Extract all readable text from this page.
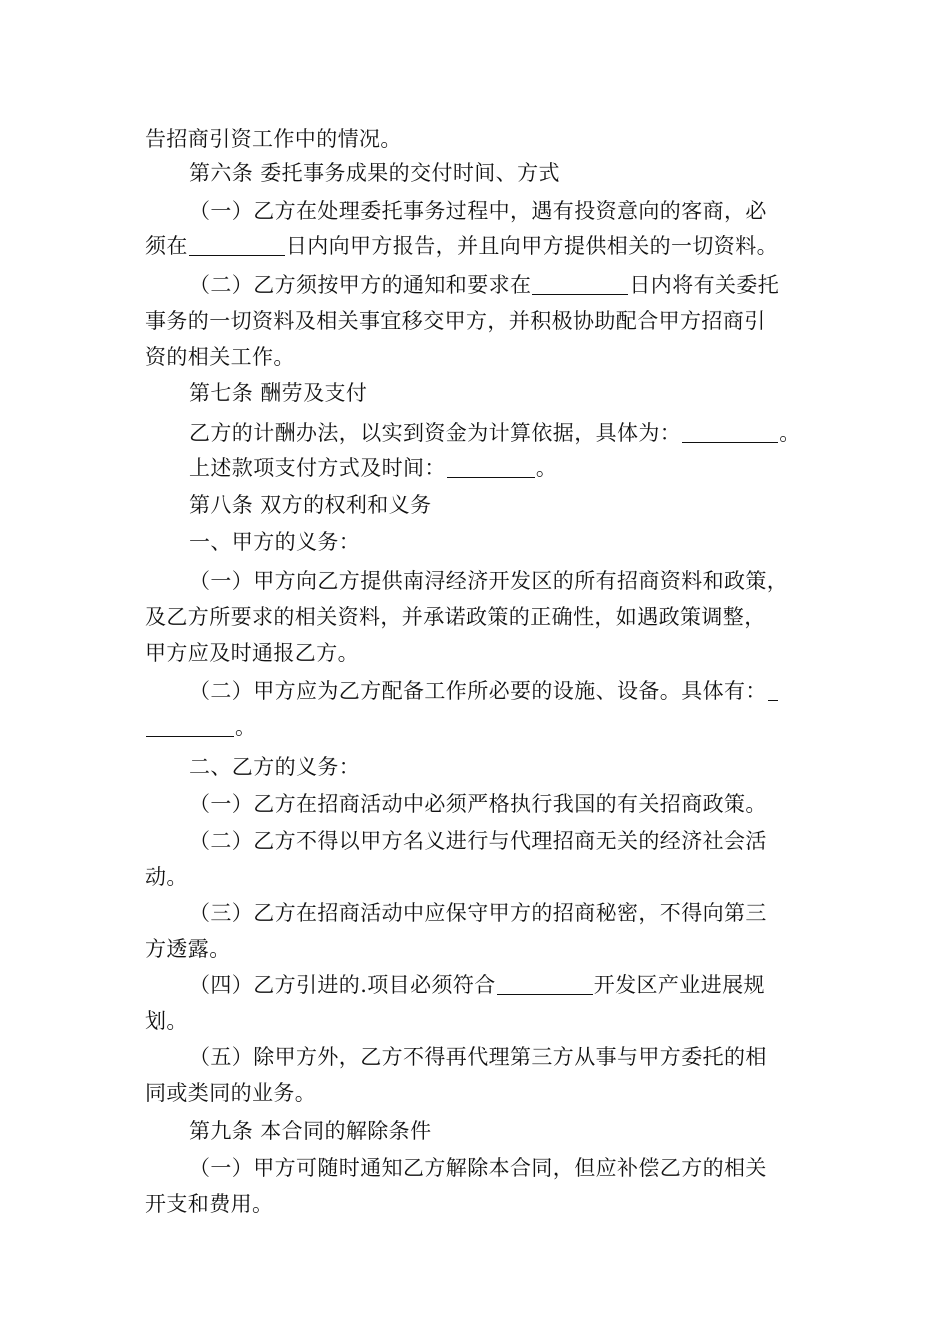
告招商引资工作中的情况。
第六条 委托事务成果的交付时间、方式
（一）乙方在处理委托事务过程中，遇有投资意向的客商，必
须在	日内向甲方报告，并且向甲方提供相关的一切资料。
（二）乙方须按甲方的通知和要求在	日内将有关委托
事务的一切资料及相关事宜移交甲方，并积极协助配合甲方招商引
资的相关工作。
第七条 酬劳及支付
乙方的计酬办法，以实到资金为计算依据，具体为：	。
上述款项支付方式及时间：	。
第八条 双方的权利和义务
一、甲方的义务：
（一）甲方向乙方提供南浔经济开发区的所有招商资料和政策，
及乙方所要求的相关资料，并承诺政策的正确性，如遇政策调整，
甲方应及时通报乙方。
（二）甲方应为乙方配备工作所必要的设施、设备。具体有：
。
二、乙方的义务：
（一）乙方在招商活动中必须严格执行我国的有关招商政策。
（二）乙方不得以甲方名义进行与代理招商无关的经济社会活
动。
（三）乙方在招商活动中应保守甲方的招商秘密，不得向第三
方透露。
（四）乙方引进的.项目必须符合	开发区产业进展规
划。
（五）除甲方外，乙方不得再代理第三方从事与甲方委托的相
同或类同的业务。
第九条 本合同的解除条件
（一）甲方可随时通知乙方解除本合同，但应补偿乙方的相关
开支和费用。
